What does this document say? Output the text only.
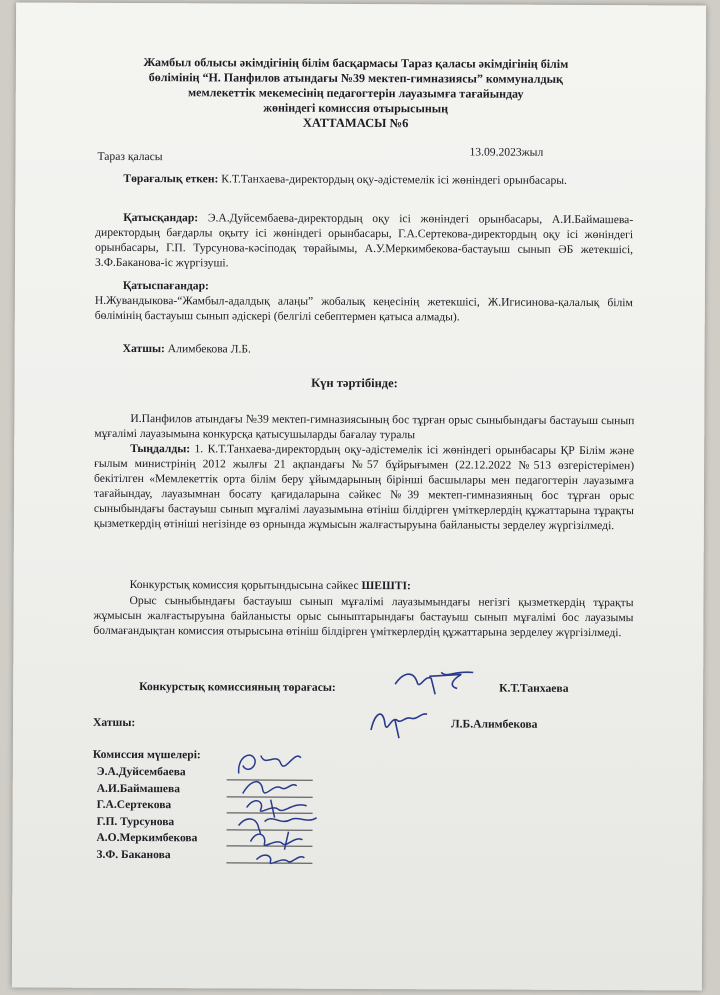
Жамбыл облысы әкімдігінің білім басқармасы Тараз қаласы әкімдігінің білім
бөлімінің “Н. Панфилов атындағы №39 мектеп-гимназиясы” коммуналдық
мемлекеттік мекемесінің педагогтерін лауазымға тағайындау
жөніндегі комиссия отырысының
ХАТТАМАСЫ №6
Тараз қаласы	13.09.2023жыл
Төрағалық еткен: К.Т.Танхаева-директордың оқу-әдістемелік ісі жөніндегі орынбасары.
Қатысқандар: Э.А.Дуйсембаева-директордың оқу ісі жөніндегі орынбасары, А.И.Баймашева-директордың бағдарлы оқыту ісі жөніндегі орынбасары, Г.А.Сертекова-директордың оқу ісі жөніндегі орынбасары, Г.П. Турсунова-кәсіподақ төрайымы, А.У.Меркимбекова-бастауыш сынып ӘБ жетекшісі, З.Ф.Баканова-іс жүргізуші.
Қатыспағандар:
Н.Жувандыкова-“Жамбыл-адалдық алаңы” жобалық кеңесінің жетекшісі, Ж.Игисинова-қалалық білім бөлімінің бастауыш сынып әдіскері (белгілі себептермен қатыса алмады).
Хатшы: Алимбекова Л.Б.
Күн тәртібінде:
И.Панфилов атындағы №39 мектеп-гимназиясының бос тұрған орыс сыныбындағы бастауыш сынып мұғалімі лауазымына конкурсқа қатысушыларды бағалау туралы
Тыңдалды: 1. К.Т.Танхаева-директордың оқу-әдістемелік ісі жөніндегі орынбасары ҚР Білім және ғылым министрінің 2012 жылғы 21 ақпандағы №57 бұйрығымен (22.12.2022 №513 өзгерістерімен) бекітілген «Мемлекеттік орта білім беру ұйымдарының бірінші басшылары мен педагогтерін лауазымға тағайындау, лауазымнан босату қағидаларына сәйкес №39 мектеп-гимназияның бос тұрған орыс сыныбындағы бастауыш сынып мұғалімі лауазымына өтініш білдірген үміткерлердің құжаттарына тұрақты қызметкердің өтініші негізінде өз орнында жұмысын жалғастыруына байланысты зерделеу жүргізілмеді.
Конкурстық комиссия қорытындысына сәйкес ШЕШТІ:
Орыс сыныбындағы бастауыш сынып мұғалімі лауазымындағы негізгі қызметкердің тұрақты жұмысын жалғастыруына байланысты орыс сыныптарындағы бастауыш сынып мұғалімі бос лауазымы болмағандықтан комиссия отырысына өтініш білдірген үміткерлердің құжаттарына зерделеу жүргізілмеді.
Конкурстық комиссияның төрағасы:	К.Т.Танхаева
Хатшы:	Л.Б.Алимбекова
Комиссия мүшелері:
Э.А.Дуйсембаева
А.И.Баймашева
Г.А.Сертекова
Г.П. Турсунова
А.О.Меркимбекова
З.Ф. Баканова
